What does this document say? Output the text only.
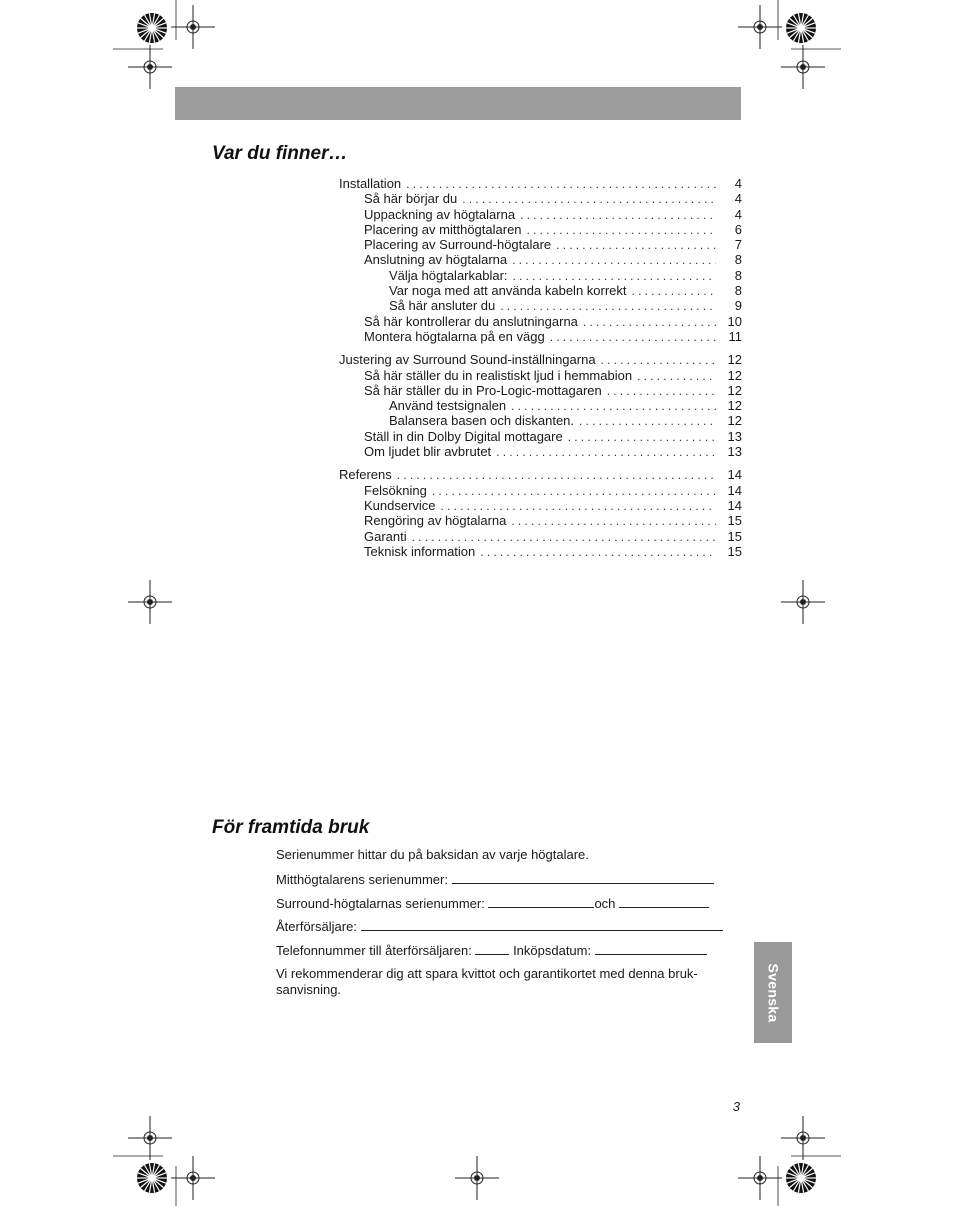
Var du finner…
Installation .....	4
Så här börjar du .....	4
Uppackning av högtalarna .....	4
Placering av mitthögtalaren .....	6
Placering av Surround-högtalare .....	7
Anslutning av högtalarna .....	8
Välja högtalarkablar: .....	8
Var noga med att använda kabeln korrekt .....	8
Så här ansluter du .....	9
Så här kontrollerar du anslutningarna .....	10
Montera högtalarna på en vägg .....	11
Justering av Surround Sound-inställningarna .....	12
Så här ställer du in realistiskt ljud i hemmabion .....	12
Så här ställer du in Pro-Logic-mottagaren .....	12
Använd testsignalen .....	12
Balansera basen och diskanten. .....	12
Ställ in din Dolby Digital mottagare .....	13
Om ljudet blir avbrutet .....	13
Referens .....	14
Felsökning .....	14
Kundservice .....	14
Rengöring av högtalarna .....	15
Garanti .....	15
Teknisk information .....	15
För framtida bruk
Serienummer hittar du på baksidan av varje högtalare.
Mitthögtalarens serienummer:
Surround-högtalarnas serienummer:	och
Återförsäljare:
Telefonnummer till återförsäljaren:	Inköpsdatum:

Vi rekommenderar dig att spara kvittot och garantikortet med denna bruk-sanvisning.	Svenska
3
